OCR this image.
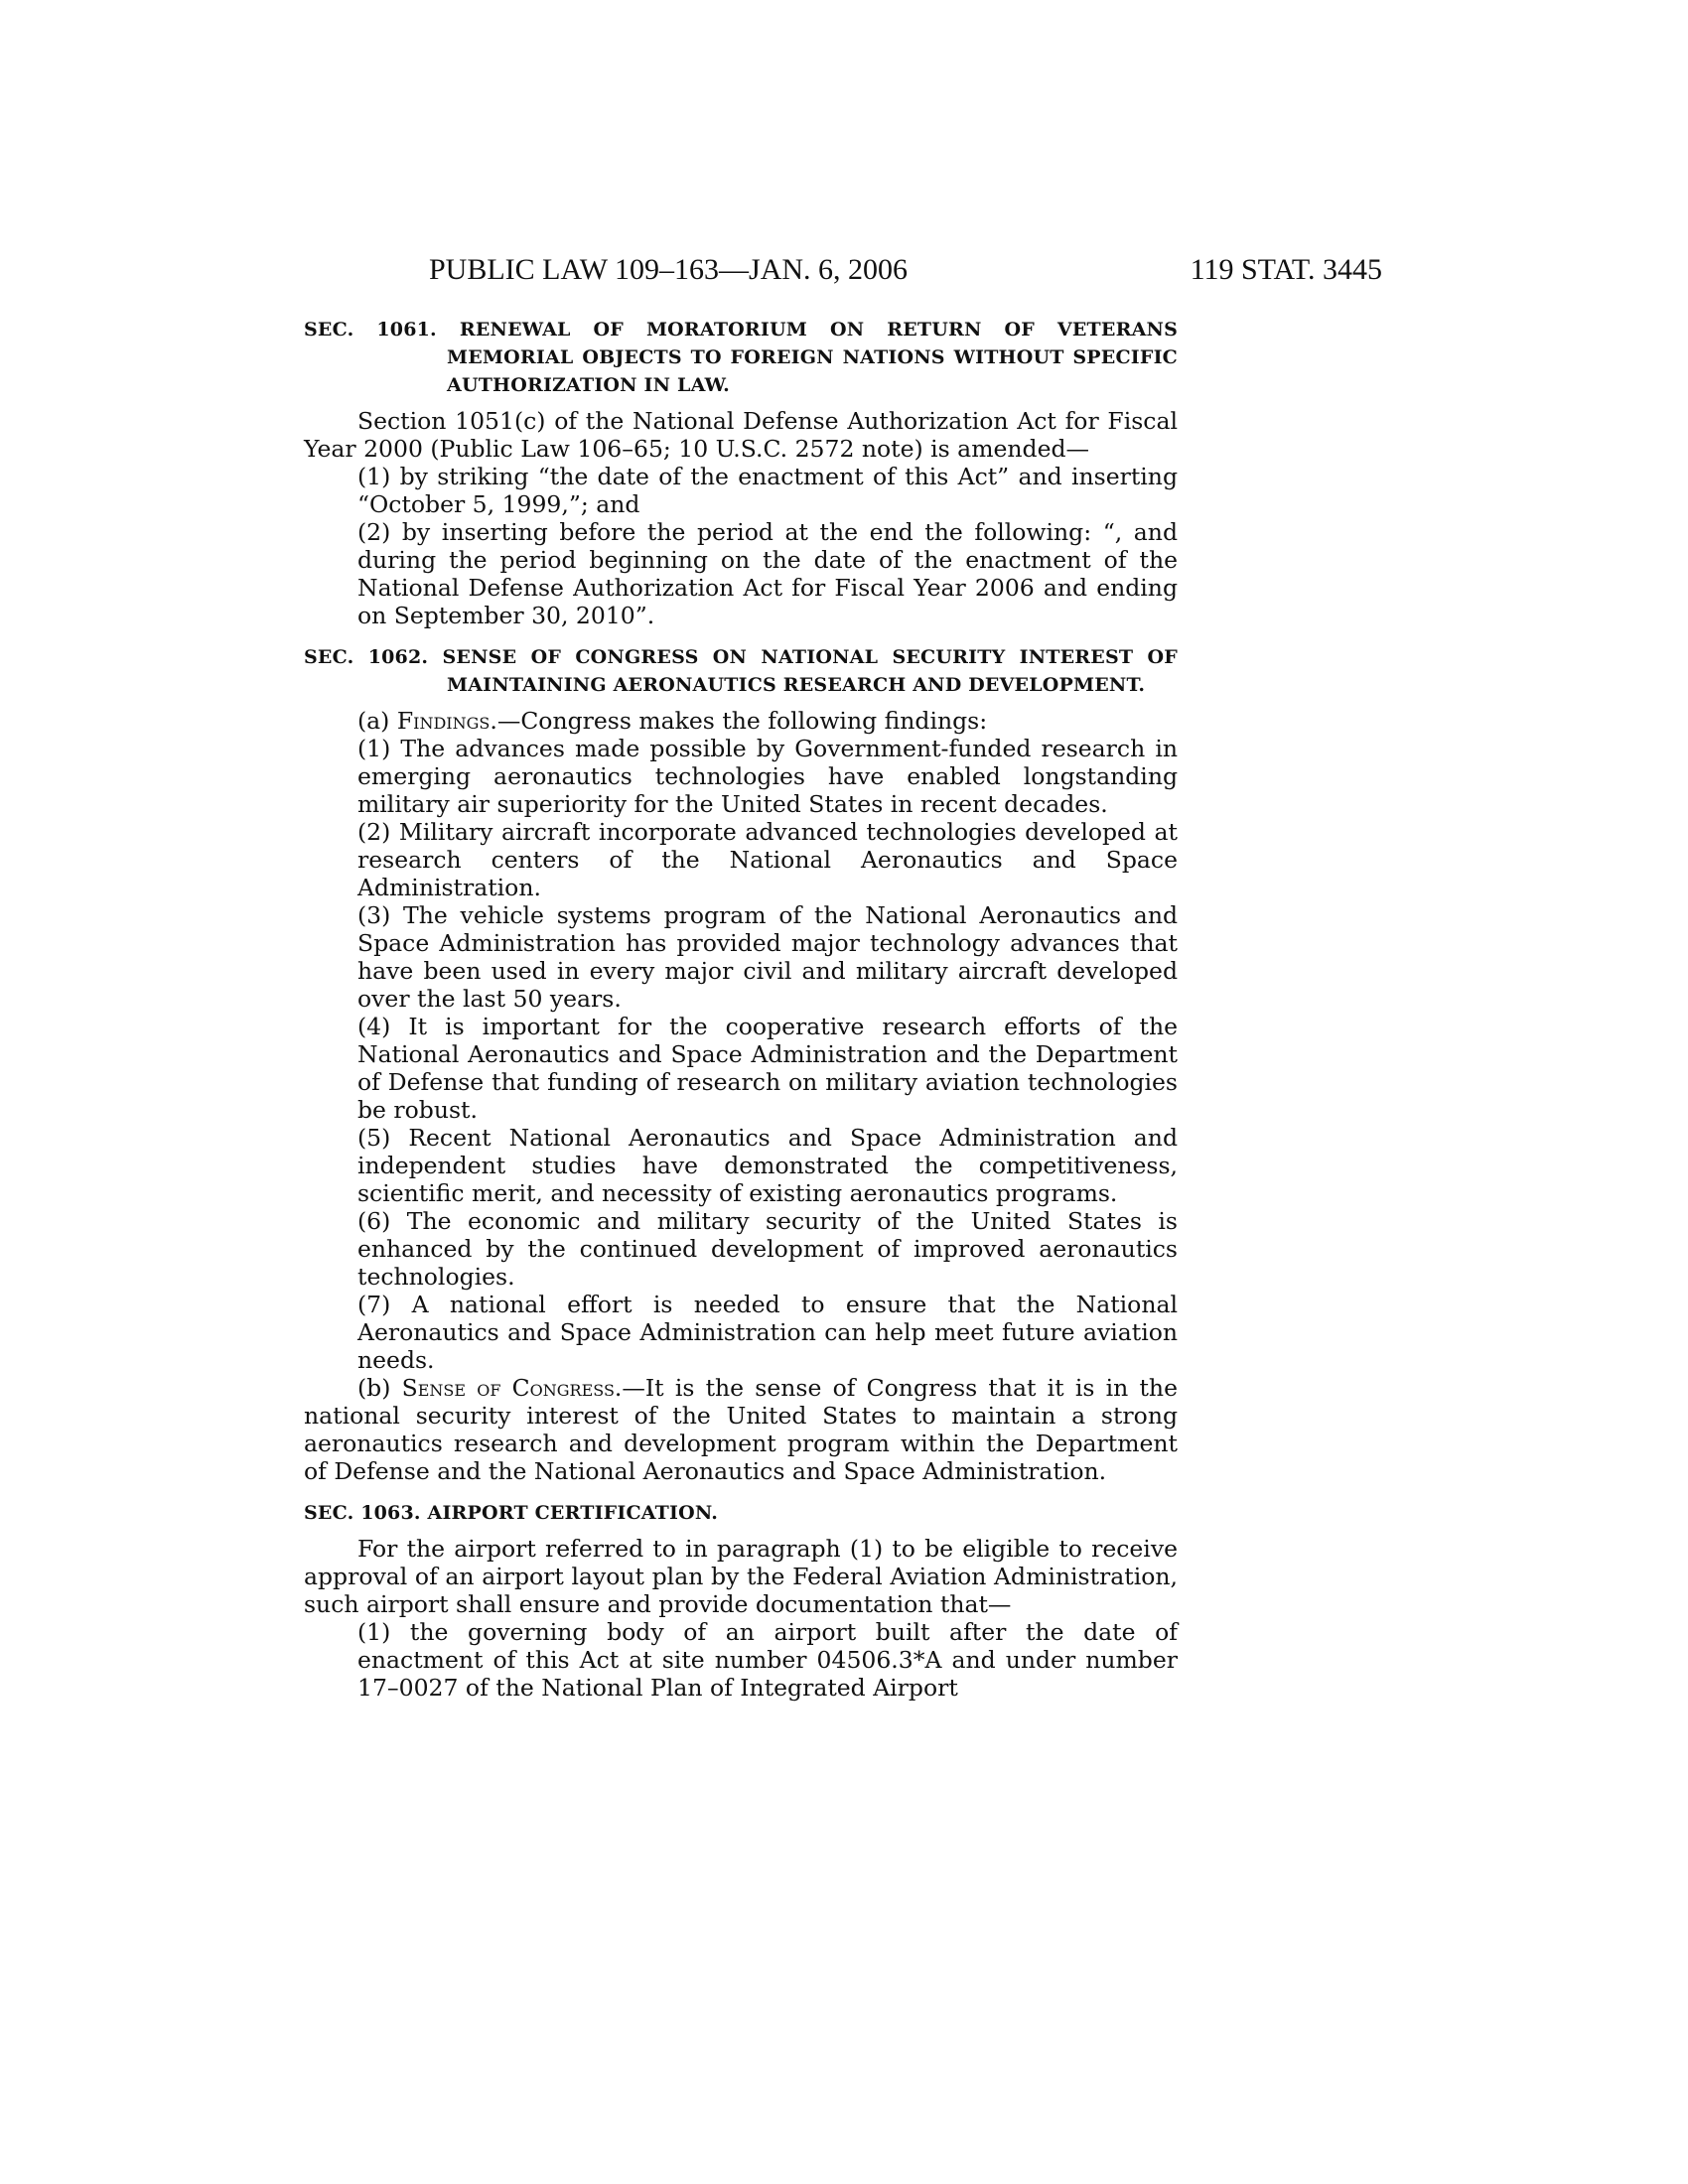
PUBLIC LAW 109–163—JAN. 6, 2006	119 STAT. 3445
SEC. 1061. RENEWAL OF MORATORIUM ON RETURN OF VETERANS MEMORIAL OBJECTS TO FOREIGN NATIONS WITHOUT SPECIFIC AUTHORIZATION IN LAW.

Section 1051(c) of the National Defense Authorization Act for Fiscal Year 2000 (Public Law 106–65; 10 U.S.C. 2572 note) is amended—

(1) by striking “the date of the enactment of this Act” and inserting “October 5, 1999,”; and

(2) by inserting before the period at the end the following: “, and during the period beginning on the date of the enactment of the National Defense Authorization Act for Fiscal Year 2006 and ending on September 30, 2010”.

SEC. 1062. SENSE OF CONGRESS ON NATIONAL SECURITY INTEREST OF MAINTAINING AERONAUTICS RESEARCH AND DEVELOPMENT.

(a) Findings.—Congress makes the following findings:

(1) The advances made possible by Government-funded research in emerging aeronautics technologies have enabled longstanding military air superiority for the United States in recent decades.

(2) Military aircraft incorporate advanced technologies developed at research centers of the National Aeronautics and Space Administration.

(3) The vehicle systems program of the National Aeronautics and Space Administration has provided major technology advances that have been used in every major civil and military aircraft developed over the last 50 years.

(4) It is important for the cooperative research efforts of the National Aeronautics and Space Administration and the Department of Defense that funding of research on military aviation technologies be robust.

(5) Recent National Aeronautics and Space Administration and independent studies have demonstrated the competitiveness, scientific merit, and necessity of existing aeronautics programs.

(6) The economic and military security of the United States is enhanced by the continued development of improved aeronautics technologies.

(7) A national effort is needed to ensure that the National Aeronautics and Space Administration can help meet future aviation needs.

(b) Sense of Congress.—It is the sense of Congress that it is in the national security interest of the United States to maintain a strong aeronautics research and development program within the Department of Defense and the National Aeronautics and Space Administration.

SEC. 1063. AIRPORT CERTIFICATION.

For the airport referred to in paragraph (1) to be eligible to receive approval of an airport layout plan by the Federal Aviation Administration, such airport shall ensure and provide documentation that—

(1) the governing body of an airport built after the date of enactment of this Act at site number 04506.3*A and under number 17–0027 of the National Plan of Integrated Airport
